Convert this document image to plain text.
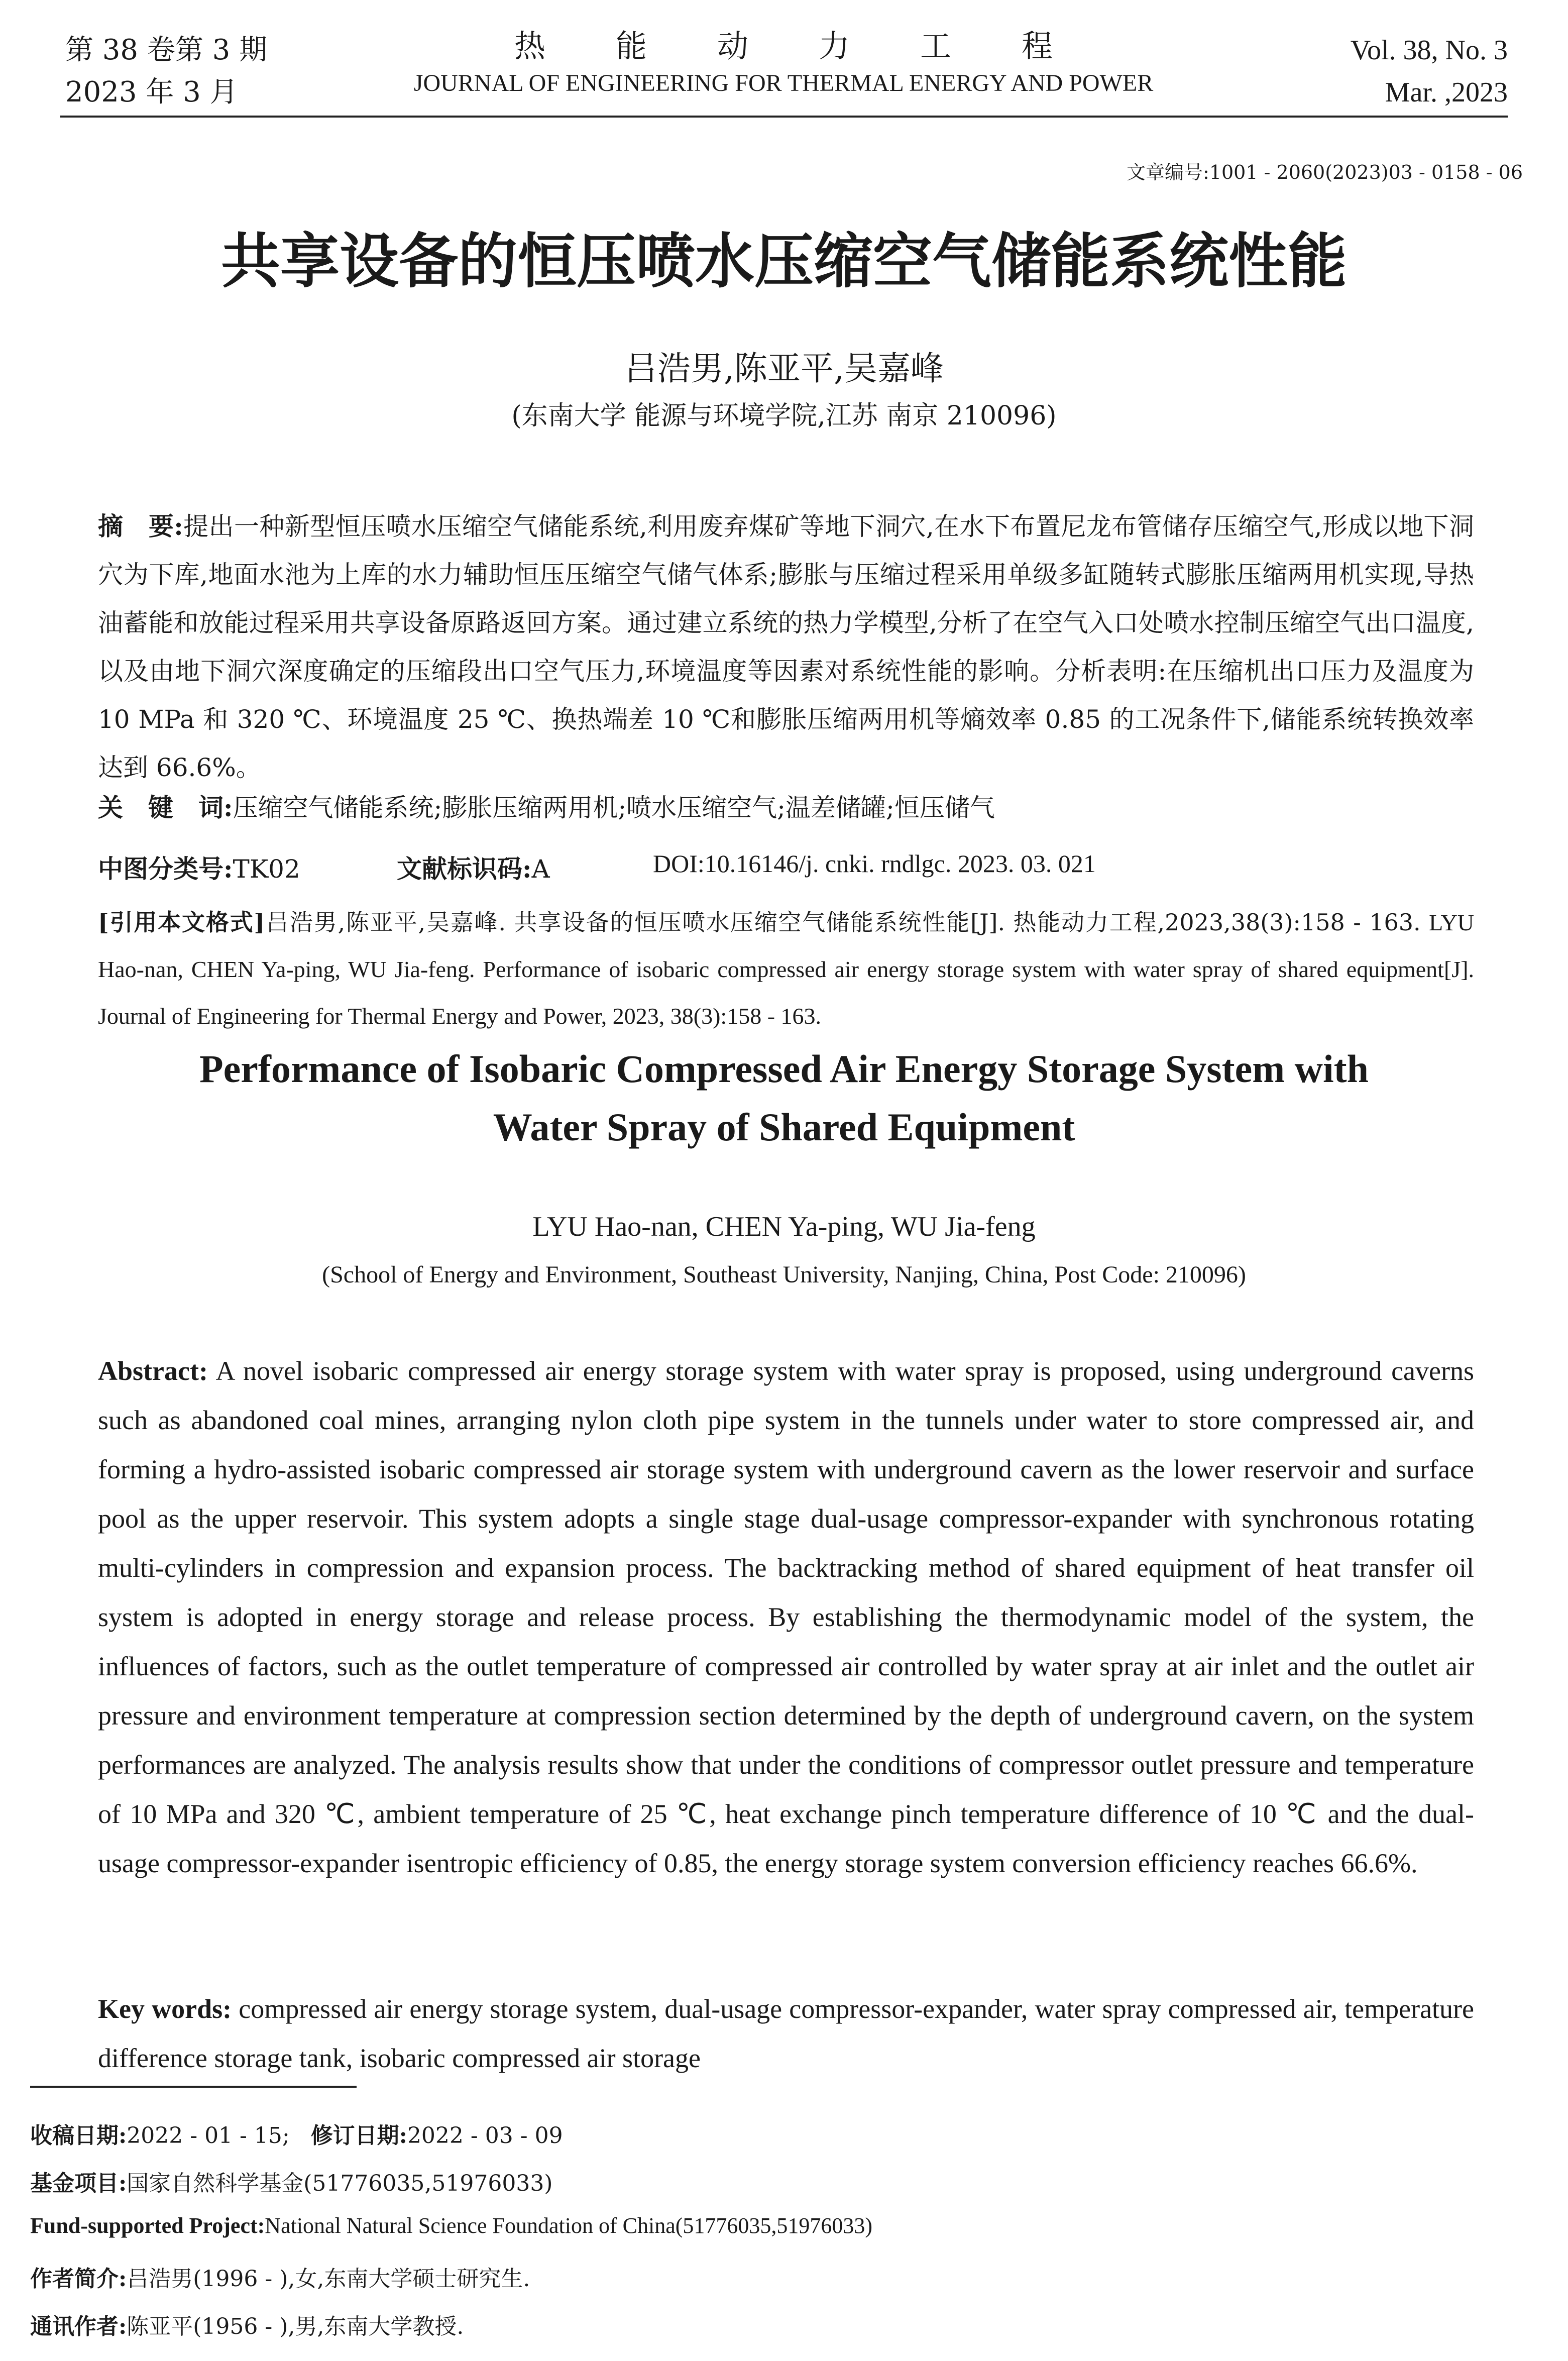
第 38 卷第 3 期
2023 年 3 月
热能动力工程
JOURNAL OF ENGINEERING FOR THERMAL ENERGY AND POWER
Vol. 38, No. 3
Mar. ,2023
文章编号:1001 - 2060(2023)03 - 0158 - 06
共享设备的恒压喷水压缩空气储能系统性能
吕浩男,陈亚平,吴嘉峰
(东南大学 能源与环境学院,江苏 南京 210096)
摘　要:提出一种新型恒压喷水压缩空气储能系统,利用废弃煤矿等地下洞穴,在水下布置尼龙布管储存压缩空气,形成以地下洞穴为下库,地面水池为上库的水力辅助恒压压缩空气储气体系;膨胀与压缩过程采用单级多缸随转式膨胀压缩两用机实现,导热油蓄能和放能过程采用共享设备原路返回方案。通过建立系统的热力学模型,分析了在空气入口处喷水控制压缩空气出口温度,以及由地下洞穴深度确定的压缩段出口空气压力,环境温度等因素对系统性能的影响。分析表明:在压缩机出口压力及温度为 10 MPa 和 320 ℃、环境温度 25 ℃、换热端差 10 ℃和膨胀压缩两用机等熵效率 0.85 的工况条件下,储能系统转换效率达到 66.6%。
关　键　词:压缩空气储能系统;膨胀压缩两用机;喷水压缩空气;温差储罐;恒压储气
中图分类号:TK02	文献标识码:A	DOI:10.16146/j. cnki. rndlgc. 2023. 03. 021
[引用本文格式]吕浩男,陈亚平,吴嘉峰. 共享设备的恒压喷水压缩空气储能系统性能[J]. 热能动力工程,2023,38(3):158 - 163. LYU Hao-nan, CHEN Ya-ping, WU Jia-feng. Performance of isobaric compressed air energy storage system with water spray of shared equipment[J]. Journal of Engineering for Thermal Energy and Power, 2023, 38(3):158 - 163.
Performance of Isobaric Compressed Air Energy Storage System with
Water Spray of Shared Equipment
LYU Hao-nan, CHEN Ya-ping, WU Jia-feng
(School of Energy and Environment, Southeast University, Nanjing, China, Post Code: 210096)
Abstract: A novel isobaric compressed air energy storage system with water spray is proposed, using underground caverns such as abandoned coal mines, arranging nylon cloth pipe system in the tunnels under water to store compressed air, and forming a hydro-assisted isobaric compressed air storage system with underground cavern as the lower reservoir and surface pool as the upper reservoir. This system adopts a single stage dual-usage compressor-expander with synchronous rotating multi-cylinders in compression and expansion process. The backtracking method of shared equipment of heat transfer oil system is adopted in energy storage and release process. By establishing the thermodynamic model of the system, the influences of factors, such as the outlet temperature of compressed air controlled by water spray at air inlet and the outlet air pressure and environment temperature at compression section determined by the depth of underground cavern, on the system performances are analyzed. The analysis results show that under the conditions of compressor outlet pressure and temperature of 10 MPa and 320 ℃, ambient temperature of 25 ℃, heat exchange pinch temperature difference of 10 ℃ and the dual-usage compressor-expander isentropic efficiency of 0.85, the energy storage system conversion efficiency reaches 66.6%.
Key words: compressed air energy storage system, dual-usage compressor-expander, water spray compressed air, temperature difference storage tank, isobaric compressed air storage
收稿日期:2022 - 01 - 15; 修订日期:2022 - 03 - 09
基金项目:国家自然科学基金(51776035,51976033)
Fund-supported Project:National Natural Science Foundation of China(51776035,51976033)
作者简介:吕浩男(1996 - ),女,东南大学硕士研究生.
通讯作者:陈亚平(1956 - ),男,东南大学教授.
